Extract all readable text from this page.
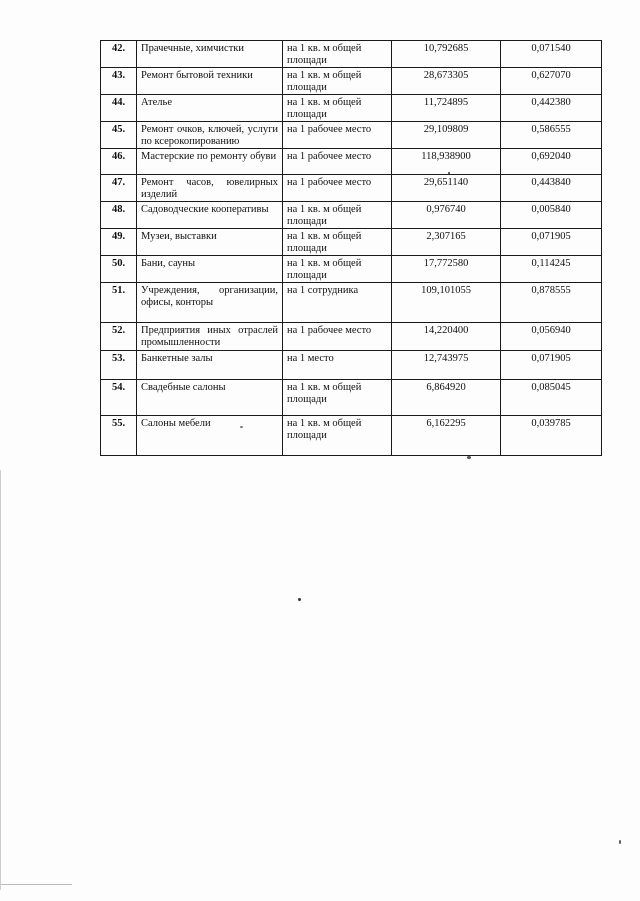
42.	Прачечные, химчистки	на 1 кв. м общей площади	10,792685	0,071540
43.	Ремонт бытовой техники	на 1 кв. м общей площади	28,673305	0,627070
44.	Ателье	на 1 кв. м общей площади	11,724895	0,442380
45.	Ремонт очков, ключей, услуги по ксерокопированию	на 1 рабочее место	29,109809	0,586555
46.	Мастерские по ремонту обуви	на 1 рабочее место	118,938900	0,692040
47.	Ремонт часов, ювелирных изделий	на 1 рабочее место	29,651140	0,443840
48.	Садоводческие кооперативы	на 1 кв. м общей площади	0,976740	0,005840
49.	Музеи, выставки	на 1 кв. м общей площади	2,307165	0,071905
50.	Бани, сауны	на 1 кв. м общей площади	17,772580	0,114245
51.	Учреждения, организации, офисы, конторы	на 1 сотрудника	109,101055	0,878555
52.	Предприятия иных отраслей промышленности	на 1 рабочее место	14,220400	0,056940
53.	Банкетные залы	на 1 место	12,743975	0,071905
54.	Свадебные салоны	на 1 кв. м общей площади	6,864920	0,085045
55.	Салоны мебели	на 1 кв. м общей площади	6,162295	0,039785
